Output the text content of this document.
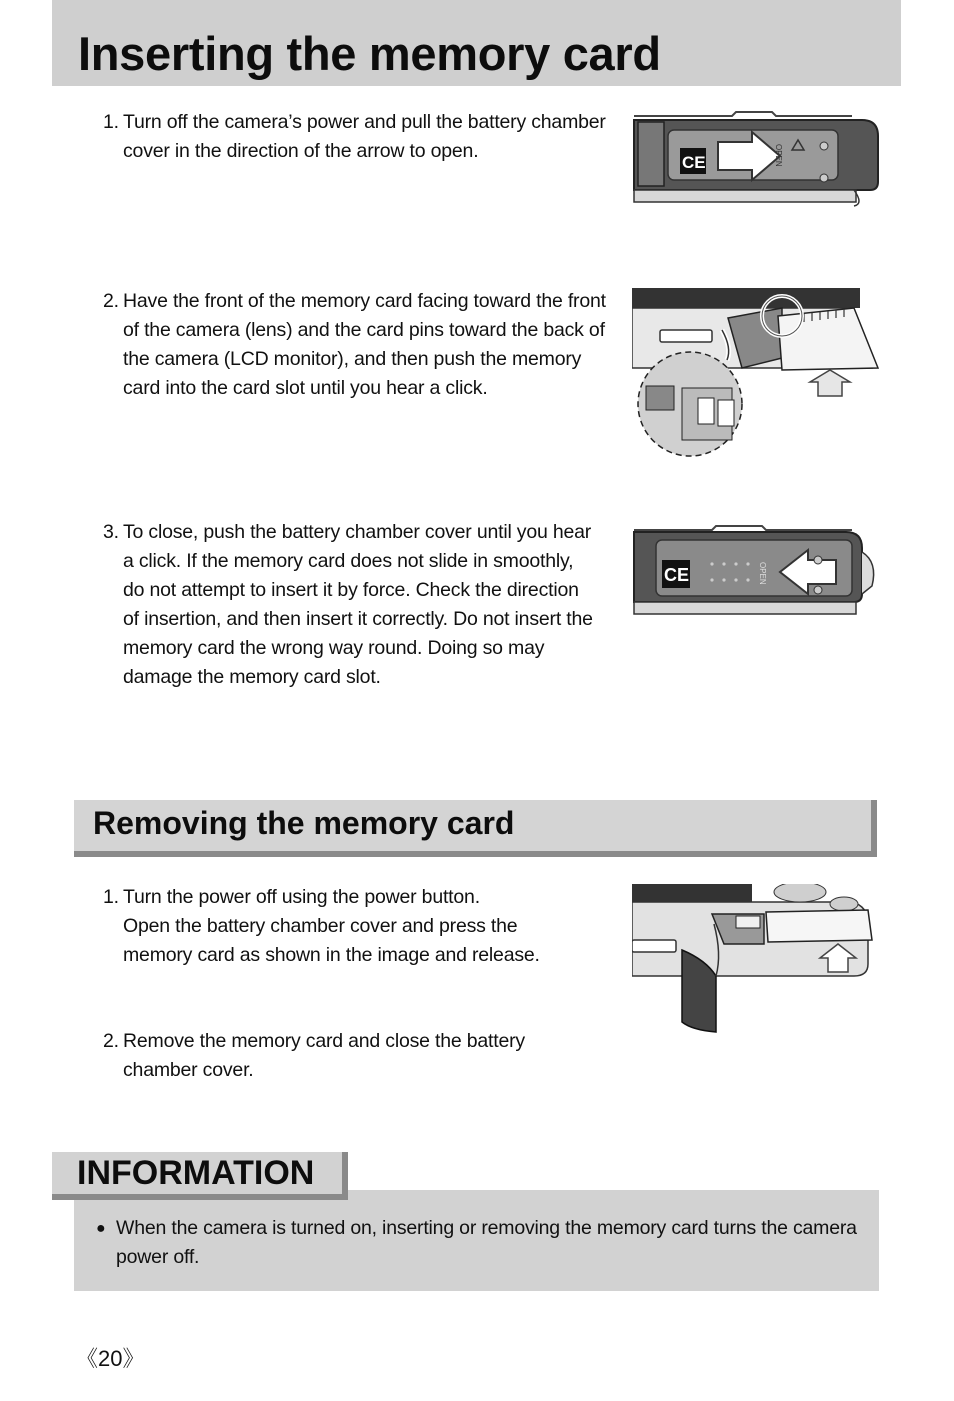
Inserting the memory card
1. Turn off the camera’s power and pull the battery chamber
cover in the direction of the arrow to open.
CE	OPEN
2. Have the front of the memory card facing toward the front
of the camera (lens) and the card pins toward the back of
the camera (LCD monitor), and then push the memory
card into the card slot until you hear a click.
3. To close, push the battery chamber cover until you hear
a click. If the memory card does not slide in smoothly,
do not attempt to insert it by force. Check the direction
of insertion, and then insert it correctly. Do not insert the
memory card the wrong way round. Doing so may
damage the memory card slot.
CE	OPEN
Removing the memory card
1. Turn the power off using the power button.
Open the battery chamber cover and press the
memory card as shown in the image and release.
2. Remove the memory card and close the battery
chamber cover.
INFORMATION
● When the camera is turned on, inserting or removing the memory card turns the camera power off.
《20》
